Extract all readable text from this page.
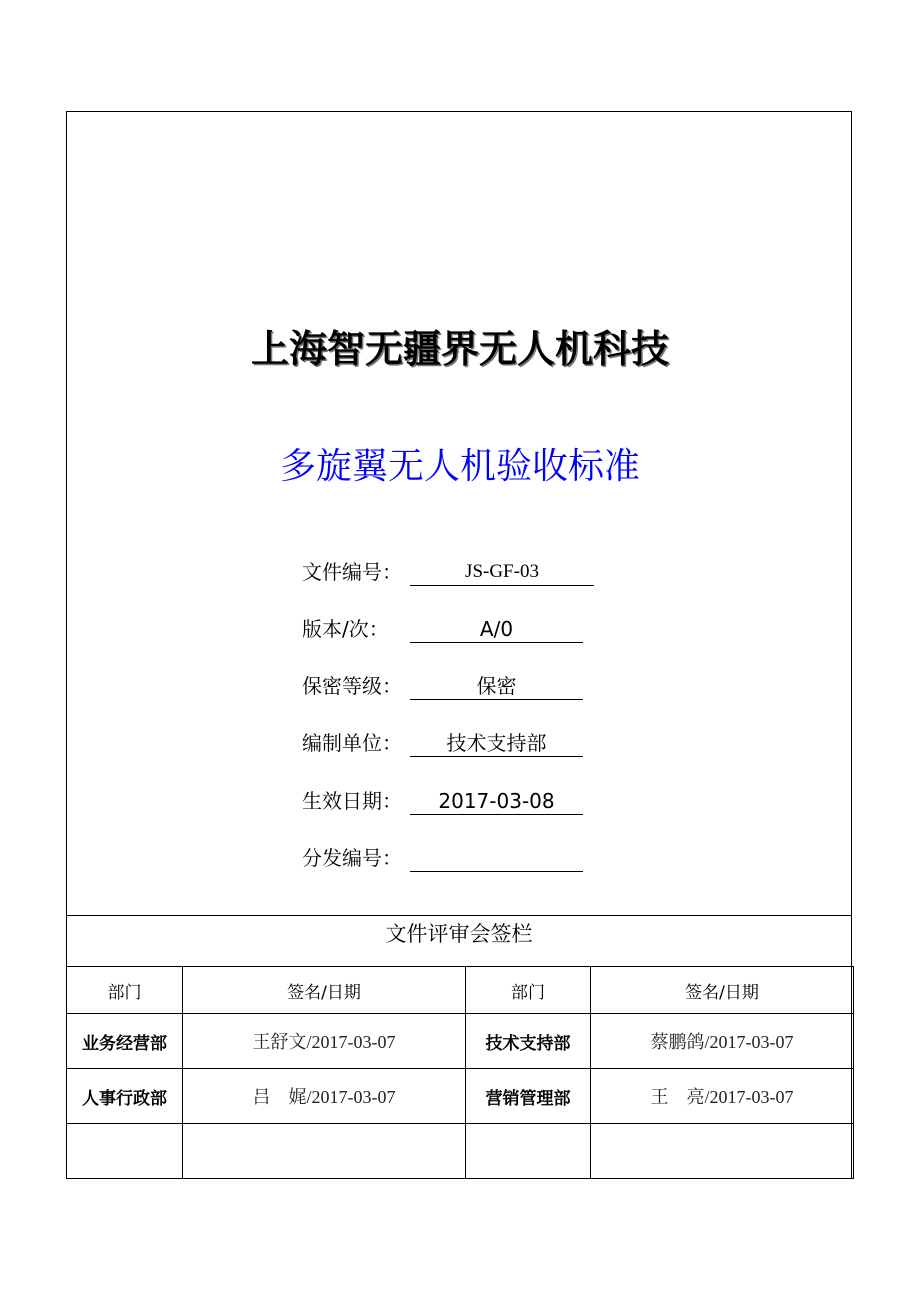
上海智无疆界无人机科技
多旋翼无人机验收标准
文件编号：	JS-GF-03
版本/次：	A/0
保密等级：	保密
编制单位：	技术支持部
生效日期：	2017-03-08
分发编号：
文件评审会签栏
部门	签名/日期	部门	签名/日期
业务经营部	王舒文/2017-03-07	技术支持部	蔡鹏鸽/2017-03-07
人事行政部	吕　娓/2017-03-07	营销管理部	王　亮/2017-03-07
